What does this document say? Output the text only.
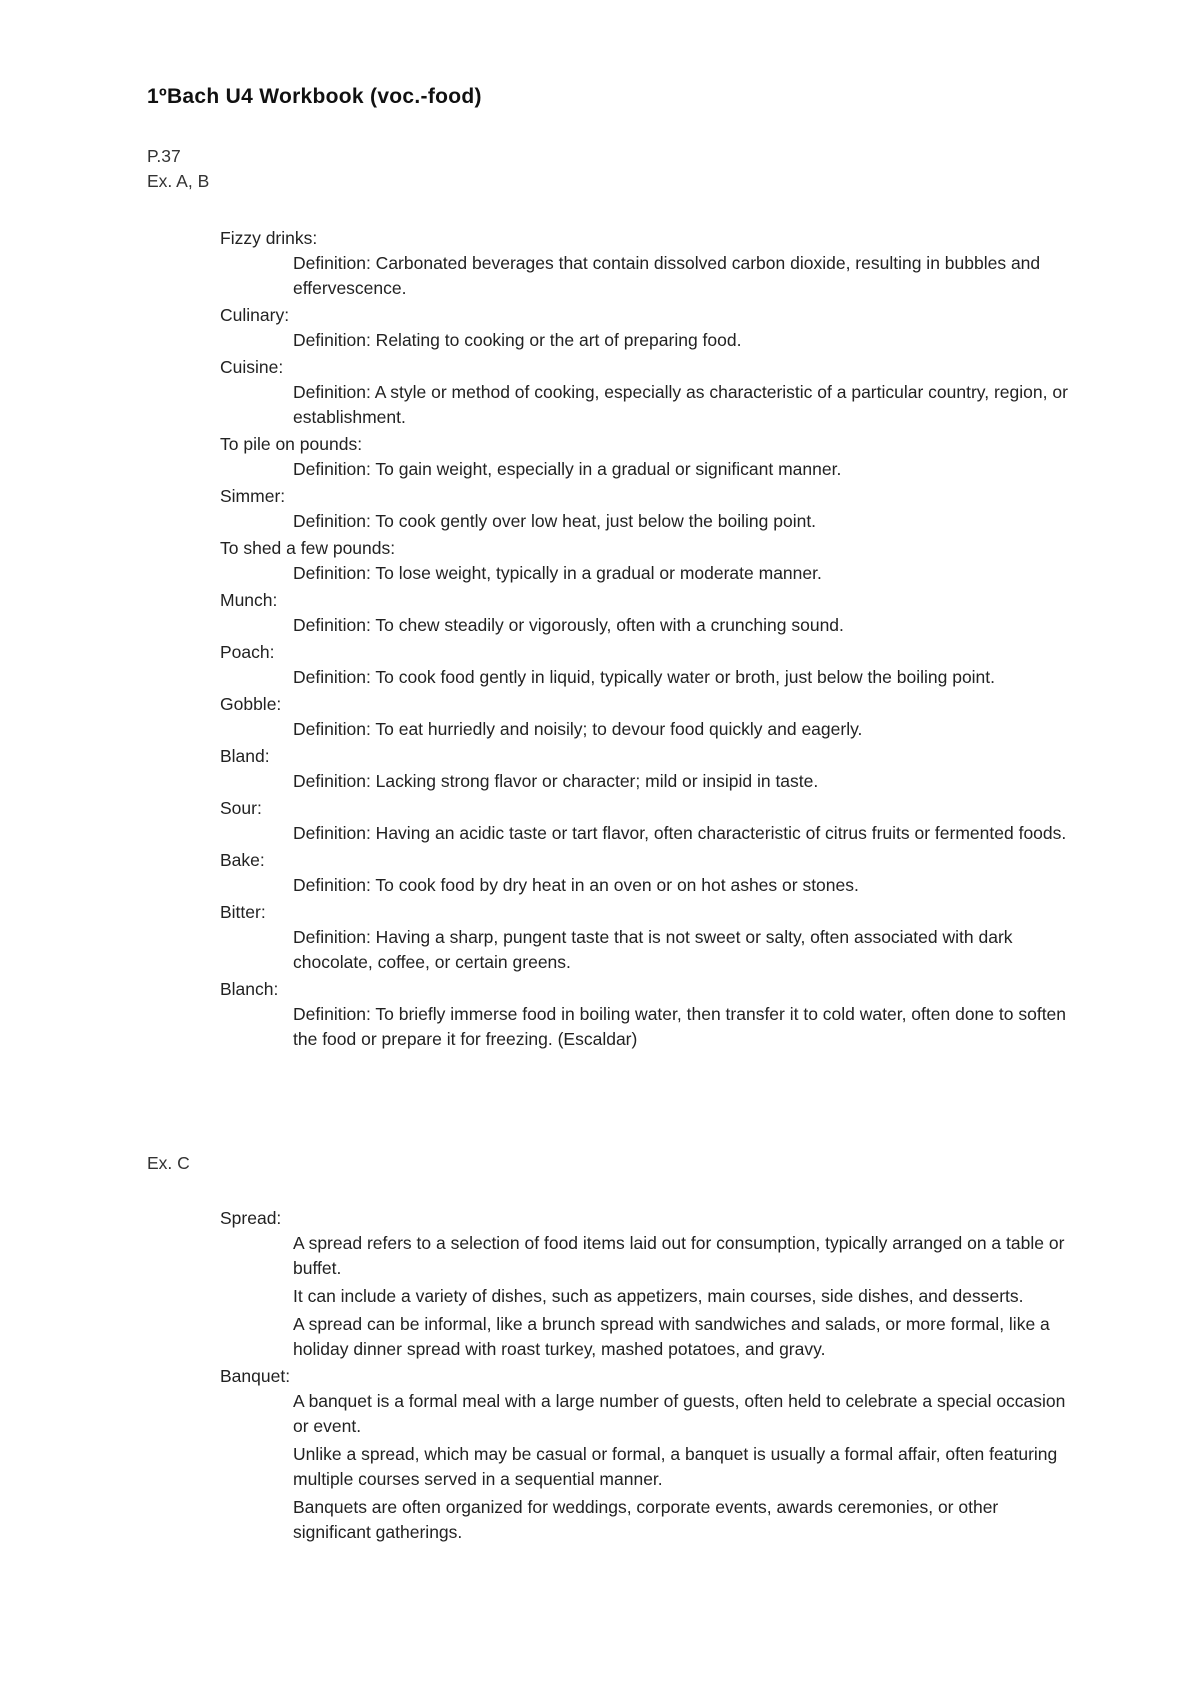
1ºBach U4 Workbook (voc.-food)
P.37
Ex. A, B
Fizzy drinks:
Definition: Carbonated beverages that contain dissolved carbon dioxide, resulting in bubbles and effervescence.
Culinary:
Definition: Relating to cooking or the art of preparing food.
Cuisine:
Definition: A style or method of cooking, especially as characteristic of a particular country, region, or establishment.
To pile on pounds:
Definition: To gain weight, especially in a gradual or significant manner.
Simmer:
Definition: To cook gently over low heat, just below the boiling point.
To shed a few pounds:
Definition: To lose weight, typically in a gradual or moderate manner.
Munch:
Definition: To chew steadily or vigorously, often with a crunching sound.
Poach:
Definition: To cook food gently in liquid, typically water or broth, just below the boiling point.
Gobble:
Definition: To eat hurriedly and noisily; to devour food quickly and eagerly.
Bland:
Definition: Lacking strong flavor or character; mild or insipid in taste.
Sour:
Definition: Having an acidic taste or tart flavor, often characteristic of citrus fruits or fermented foods.
Bake:
Definition: To cook food by dry heat in an oven or on hot ashes or stones.
Bitter:
Definition: Having a sharp, pungent taste that is not sweet or salty, often associated with dark chocolate, coffee, or certain greens.
Blanch:
Definition: To briefly immerse food in boiling water, then transfer it to cold water, often done to soften the food or prepare it for freezing. (Escaldar)
Ex. C
Spread:
A spread refers to a selection of food items laid out for consumption, typically arranged on a table or buffet.
It can include a variety of dishes, such as appetizers, main courses, side dishes, and desserts.
A spread can be informal, like a brunch spread with sandwiches and salads, or more formal, like a holiday dinner spread with roast turkey, mashed potatoes, and gravy.
Banquet:
A banquet is a formal meal with a large number of guests, often held to celebrate a special occasion or event.
Unlike a spread, which may be casual or formal, a banquet is usually a formal affair, often featuring multiple courses served in a sequential manner.
Banquets are often organized for weddings, corporate events, awards ceremonies, or other significant gatherings.
